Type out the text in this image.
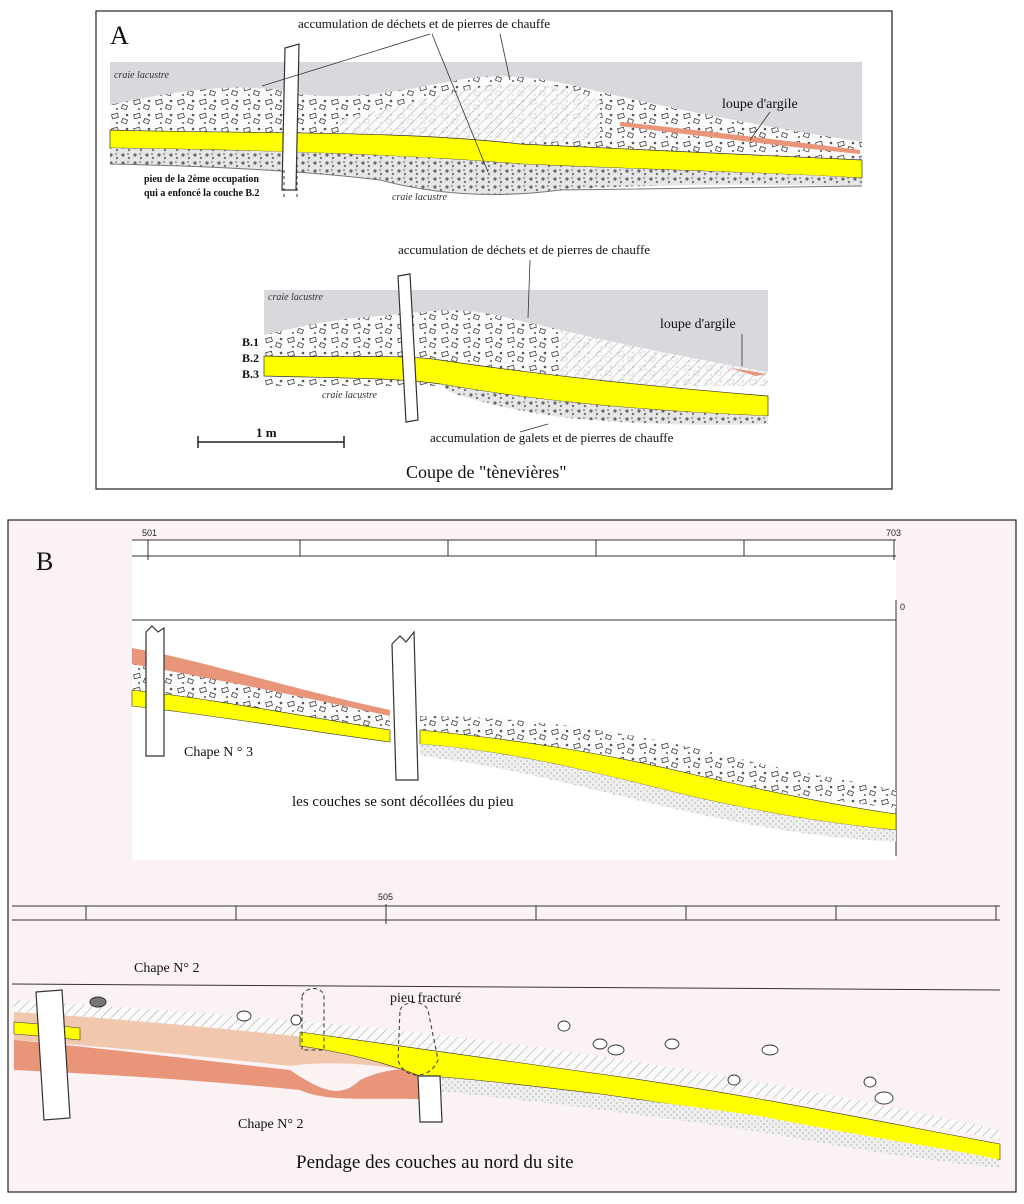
A	accumulation de déchets et de pierres de chauffe
craie lacustre
loupe d'argile
pieu de la 2ème occupation
qui a enfoncé la couche B.2	craie lacustre
accumulation de déchets et de pierres de chauffe
craie lacustre
loupe d'argile
B.1
B.2
B.3
craie lacustre
accumulation de galets et de pierres de chauffe
1 m
Coupe de "tènevières"
B
501	703
0
Chape N ° 3
les couches se sont décollées du pieu
505
Chape N° 2
pieu fracturé
Chape N° 2
Pendage des couches au nord du site
